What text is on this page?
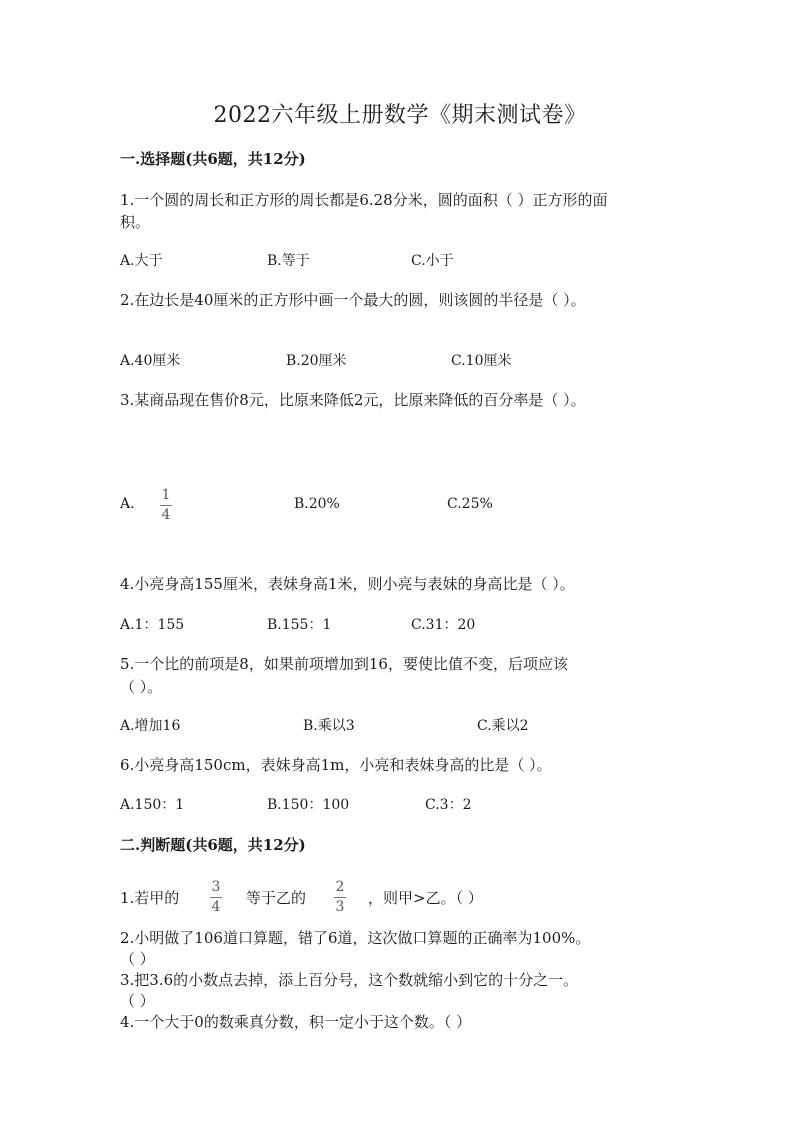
2022六年级上册数学《期末测试卷》
一.选择题(共6题，共12分)
1.一个圆的周长和正方形的周长都是6.28分米，圆的面积（ ）正方形的面
积。
A.大于	B.等于	C.小于
2.在边长是40厘米的正方形中画一个最大的圆，则该圆的半径是（ ）。
A.40厘米	B.20厘米	C.10厘米
3.某商品现在售价8元，比原来降低2元，比原来降低的百分率是（ ）。
A.
1
4
B.20%	C.25%
4.小亮身高155厘米，表妹身高1米，则小亮与表妹的身高比是（ ）。
A.1：155	B.155：1	C.31：20
5.一个比的前项是8，如果前项增加到16，要使比值不变，后项应该
（ ）。
A.增加16	B.乘以3	C.乘以2
6.小亮身高150cm，表妹身高1m，小亮和表妹身高的比是（ ）。
A.150：1	B.150：100	C.3：2
二.判断题(共6题，共12分)
1.若甲的
3
4 等于乙的
2
3 ，则甲>乙。（ ）
2.小明做了106道口算题，错了6道，这次做口算题的正确率为100%。
（ ）
3.把3.6的小数点去掉，添上百分号，这个数就缩小到它的十分之一。
（ ）
4.一个大于0的数乘真分数，积一定小于这个数。（ ）
